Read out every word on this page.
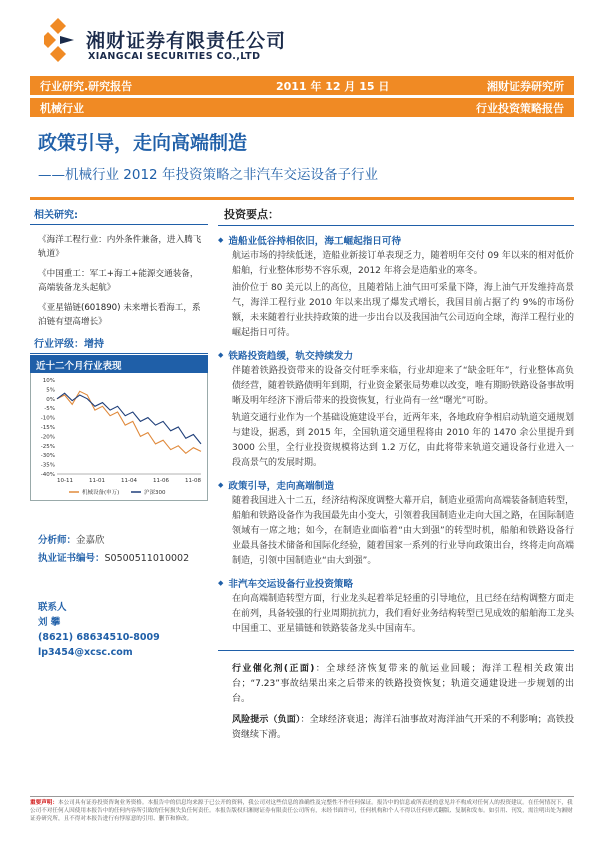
湘财证券有限责任公司
XIANGCAI SECURITIES CO.,LTD
行业研究.研究报告	2011 年 12 月 15 日	湘财证券研究所
机械行业	行业投资策略报告
政策引导，走向高端制造
——机械行业 2012 年投资策略之非汽车交运设备子行业
相关研究:

《海洋工程行业：内外条件兼备，进入腾飞轨道》

《中国重工：军工+海工+能源交通装备，高端装备龙头起航》

《亚星锚链(601890) 未来增长看海工，系泊链有望高增长》

行业评级：增持
10%
5%
0%
-5%
-10%
-15%
-20%
-25%
-30%
-35%
-40%
10-11	11-01	11-04	11-06	11-08
机械设备(申万)	沪深300
近十二个月行业表现
分析师：金嘉欣
执业证书编号：S0500511010002
联系人
刘 攀
(8621) 68634510-8009
lp3454@xcsc.com
投资要点：
◆ 造船业低谷持相依旧，海工崛起指日可待

航运市场的持续低迷，造船业新接订单表现乏力，随着明年交付 09 年以来的相对低价船舶，行业整体形势不容乐观，2012 年将会是造船业的寒冬。

油价位于 80 美元以上的高位，且随着陆上油气田可采量下降，海上油气开发维持高景气，海洋工程行业 2010 年以来出现了爆发式增长，我国目前占据了约 9%的市场份额，未来随着行业扶持政策的进一步出台以及我国油气公司迈向全球，海洋工程行业的崛起指日可待。

◆ 铁路投资趋缓，轨交持续发力

伴随着铁路投资带来的设备交付旺季来临，行业却迎来了“缺金旺年”，行业整体高负债经营，随着铁路债明年到期，行业资金紧张局势难以改变，唯有期盼铁路设备事故明晰及明年经济下滑后带来的投资恢复，行业尚有一丝“曙光”可盼。

轨道交通行业作为一个基础设施建设平台，近两年来，各地政府争相启动轨道交通规划与建设，据悉，到 2015 年，全国轨道交通里程将由 2010 年的 1470 余公里提升到 3000 公里，全行业投资规模将达到 1.2 万亿，由此将带来轨道交通设备行业进入一段高景气的发展时期。

◆ 政策引导，走向高端制造

随着我国进入十二五，经济结构深度调整大幕开启，制造业亟需向高端装备制造转型，船舶和铁路设备作为我国最先由小变大，引领着我国制造业走向大国之路，在国际制造领域有一席之地；如今，在制造业面临着“由大到强”的转型时机，船舶和铁路设备行业最具备技术储备和国际化经验，随着国家一系列的行业导向政策出台，终将走向高端制造，引领中国制造业“由大到强”。

◆ 非汽车交运设备行业投资策略

在向高端制造转型方面，行业龙头起着举足轻重的引导地位，且已经在结构调整方面走在前列，具备较强的行业周期抗抗力，我们看好业务结构转型已见成效的船舶海工龙头中国重工、亚星锚链和铁路装备龙头中国南车。

行业催化剂(正面)：全球经济恢复带来的航运业回暖；海洋工程相关政策出台；“7.23”事故结果出来之后带来的铁路投资恢复；轨道交通建设进一步规划的出台。

风险提示（负面）：全球经济衰退；海洋石油事故对海洋油气开采的不利影响；高铁投资继续下滑。

重要声明：本公司具有证券投资咨询业务资格。本报告中的信息均来源于已公开的资料，我公司对这些信息的准确性及完整性不作任何保证。报告中的信息或所表述的意见并不构成对任何人的投资建议。在任何情况下，我公司不对任何人因使用本报告中的任何内容所引致的任何损失负任何责任。本报告版权归湘财证券有限责任公司所有，未经书面许可，任何机构和个人不得以任何形式翻版、复制和发布。如引用、刊发，需注明出处为湘财证券研究所，且不得对本报告进行有悖原意的引用、删节和修改。
